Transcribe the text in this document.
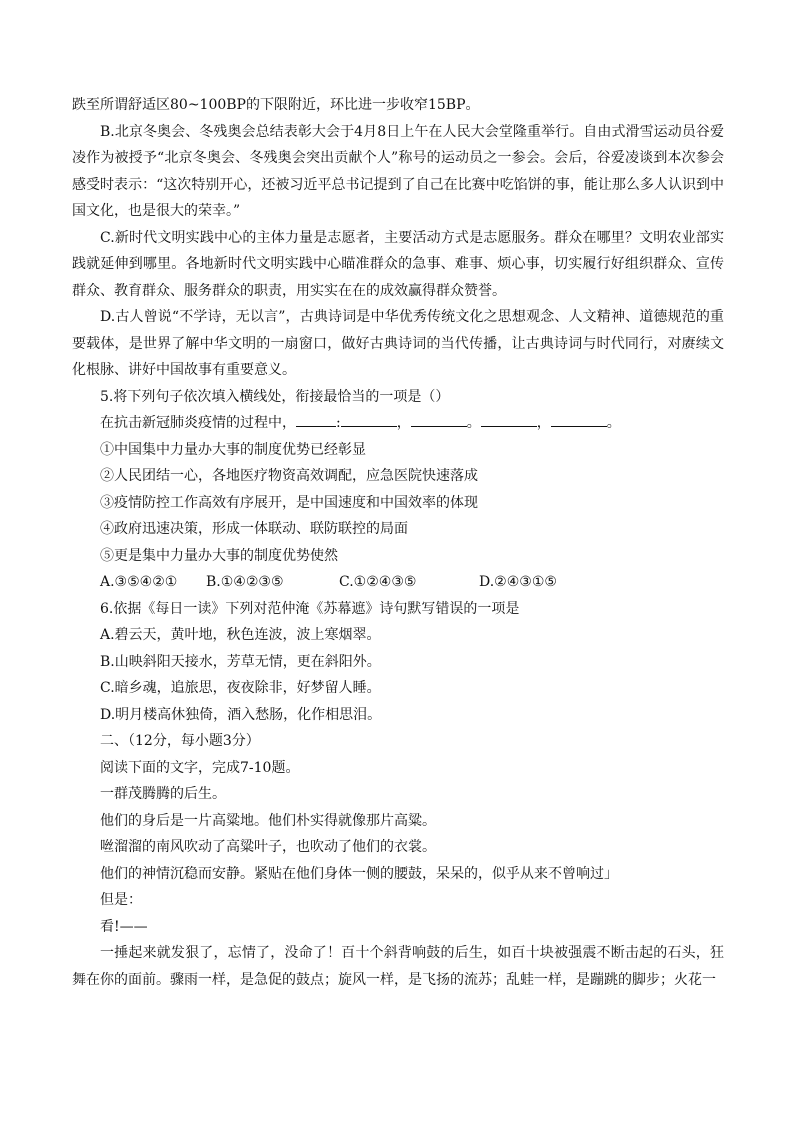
跌至所谓舒适区80~100BP的下限附近，环比进一步收窄15BP。

B.北京冬奥会、冬残奥会总结表彰大会于4月8日上午在人民大会堂隆重举行。自由式滑雪运动员谷爱凌作为被授予“北京冬奥会、冬残奥会突出贡献个人”称号的运动员之一参会。会后，谷爱凌谈到本次参会感受时表示：“这次特别开心，还被习近平总书记提到了自己在比赛中吃馅饼的事，能让那么多人认识到中国文化，也是很大的荣幸。”

C.新时代文明实践中心的主体力量是志愿者，主要活动方式是志愿服务。群众在哪里？文明农业部实践就延伸到哪里。各地新时代文明实践中心瞄准群众的急事、难事、烦心事，切实履行好组织群众、宣传群众、教育群众、服务群众的职责，用实实在在的成效赢得群众赞誉。

D.古人曾说“不学诗，无以言”，古典诗词是中华优秀传统文化之思想观念、人文精神、道德规范的重要载体，是世界了解中华文明的一扇窗口，做好古典诗词的当代传播，让古典诗词与时代同行，对赓续文化根脉、讲好中国故事有重要意义。

5.将下列句子依次填入横线处，衔接最恰当的一项是（）

在抗击新冠肺炎疫情的过程中，	:	，	。	，	。

①中国集中力量办大事的制度优势已经彰显

②人民团结一心，各地医疗物资高效调配，应急医院快速落成

③疫情防控工作高效有序展开，是中国速度和中国效率的体现

④政府迅速决策，形成一体联动、联防联控的局面

⑤更是集中力量办大事的制度优势使然

A.③⑤④②①	B.①④②③⑤	C.①②④③⑤	D.②④③①⑤

6.依据《每日一读》下列对范仲淹《苏幕遮》诗句默写错误的一项是

A.碧云天，黄叶地，秋色连波，波上寒烟翠。

B.山映斜阳天接水，芳草无情，更在斜阳外。

C.暗乡魂，追旅思，夜夜除非，好梦留人睡。

D.明月楼高休独倚，酒入愁肠，化作相思泪。

二、（12分，每小题3分）

阅读下面的文字，完成7-10题。

一群茂腾腾的后生。

他们的身后是一片高粱地。他们朴实得就像那片高粱。

咝溜溜的南风吹动了高粱叶子，也吹动了他们的衣裳。

他们的神情沉稳而安静。紧贴在他们身体一侧的腰鼓，呆呆的，似乎从来不曾响过」

但是：

看!——

一捶起来就发狠了，忘情了，没命了！百十个斜背响鼓的后生，如百十块被强震不断击起的石头，狂舞在你的面前。骤雨一样，是急促的鼓点；旋风一样，是飞扬的流苏；乱蛙一样，是蹦跳的脚步；火花一
